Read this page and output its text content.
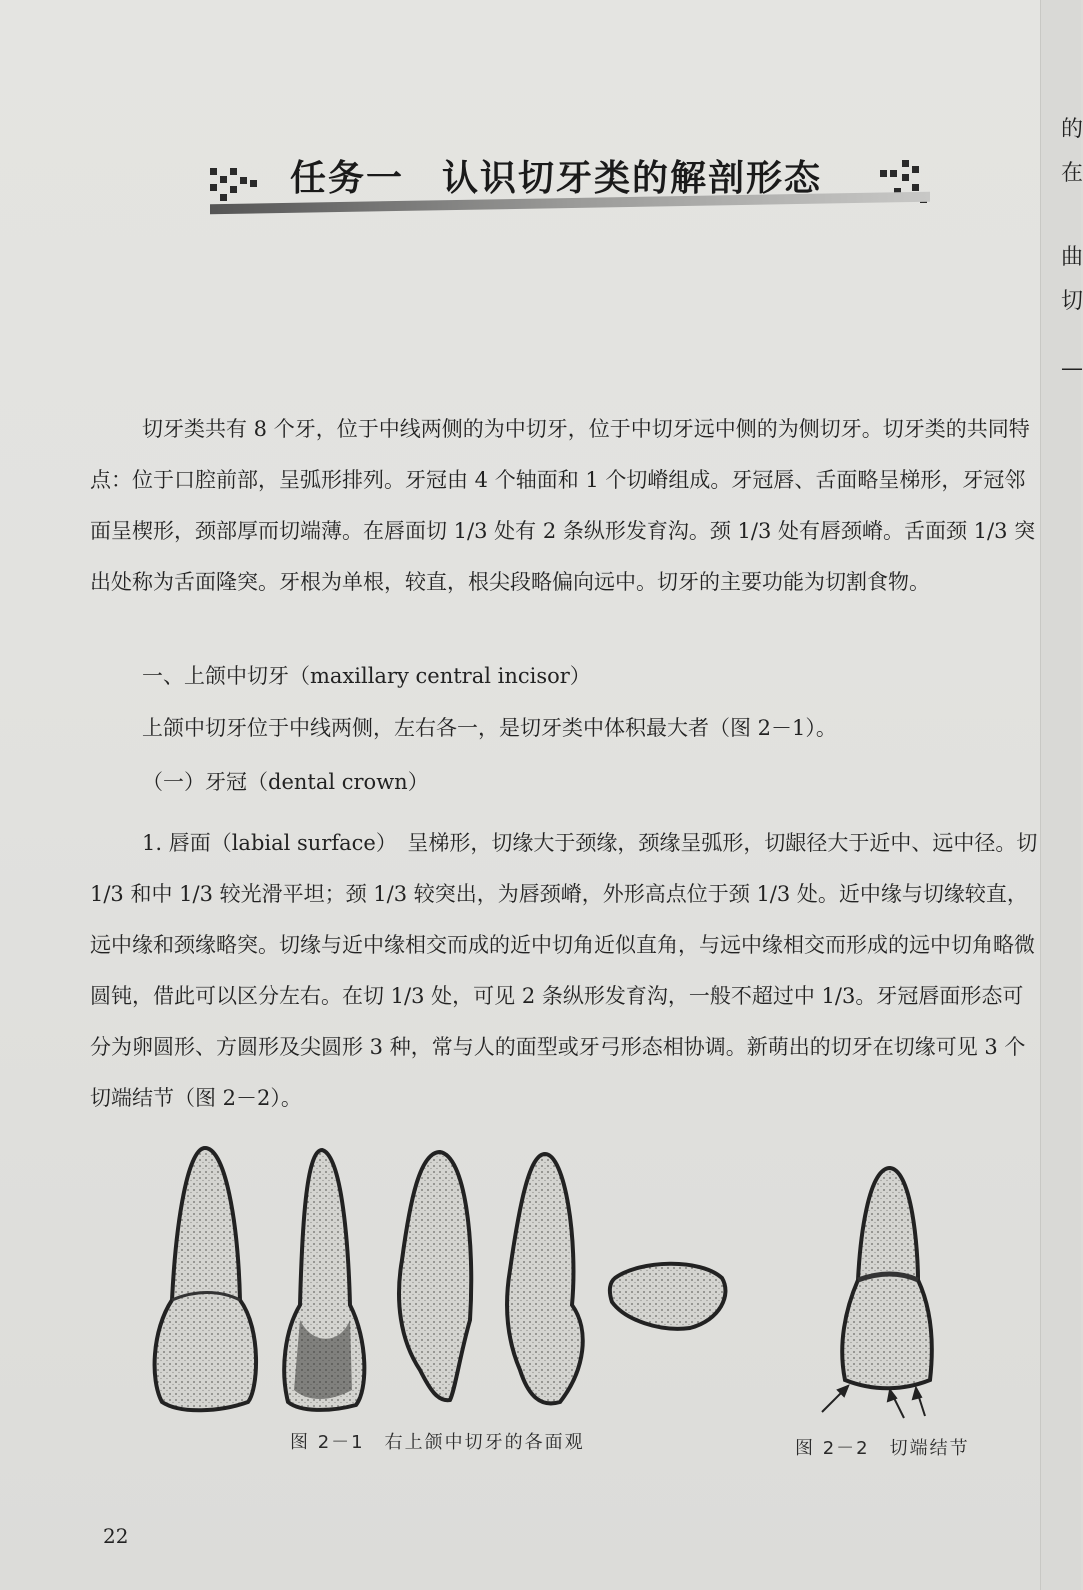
的
在
曲
切
—
任务一　认识切牙类的解剖形态

切牙类共有 8 个牙，位于中线两侧的为中切牙，位于中切牙远中侧的为侧切牙。切牙类的共同特点：位于口腔前部，呈弧形排列。牙冠由 4 个轴面和 1 个切嵴组成。牙冠唇、舌面略呈梯形，牙冠邻面呈楔形，颈部厚而切端薄。在唇面切 1/3 处有 2 条纵形发育沟。颈 1/3 处有唇颈嵴。舌面颈 1/3 突出处称为舌面隆突。牙根为单根，较直，根尖段略偏向远中。切牙的主要功能为切割食物。

一、上颌中切牙（maxillary central incisor）
上颌中切牙位于中线两侧，左右各一，是切牙类中体积最大者（图 2－1）。
（一）牙冠（dental crown）

1. 唇面（labial surface）　呈梯形，切缘大于颈缘，颈缘呈弧形，切龈径大于近中、远中径。切 1/3 和中 1/3 较光滑平坦；颈 1/3 较突出，为唇颈嵴，外形高点位于颈 1/3 处。近中缘与切缘较直，远中缘和颈缘略突。切缘与近中缘相交而成的近中切角近似直角，与远中缘相交而形成的远中切角略微圆钝，借此可以区分左右。在切 1/3 处，可见 2 条纵形发育沟，一般不超过中 1/3。牙冠唇面形态可分为卵圆形、方圆形及尖圆形 3 种，常与人的面型或牙弓形态相协调。新萌出的切牙在切缘可见 3 个切端结节（图 2－2）。

图 2－1　右上颌中切牙的各面观	图 2－2　切端结节
22
